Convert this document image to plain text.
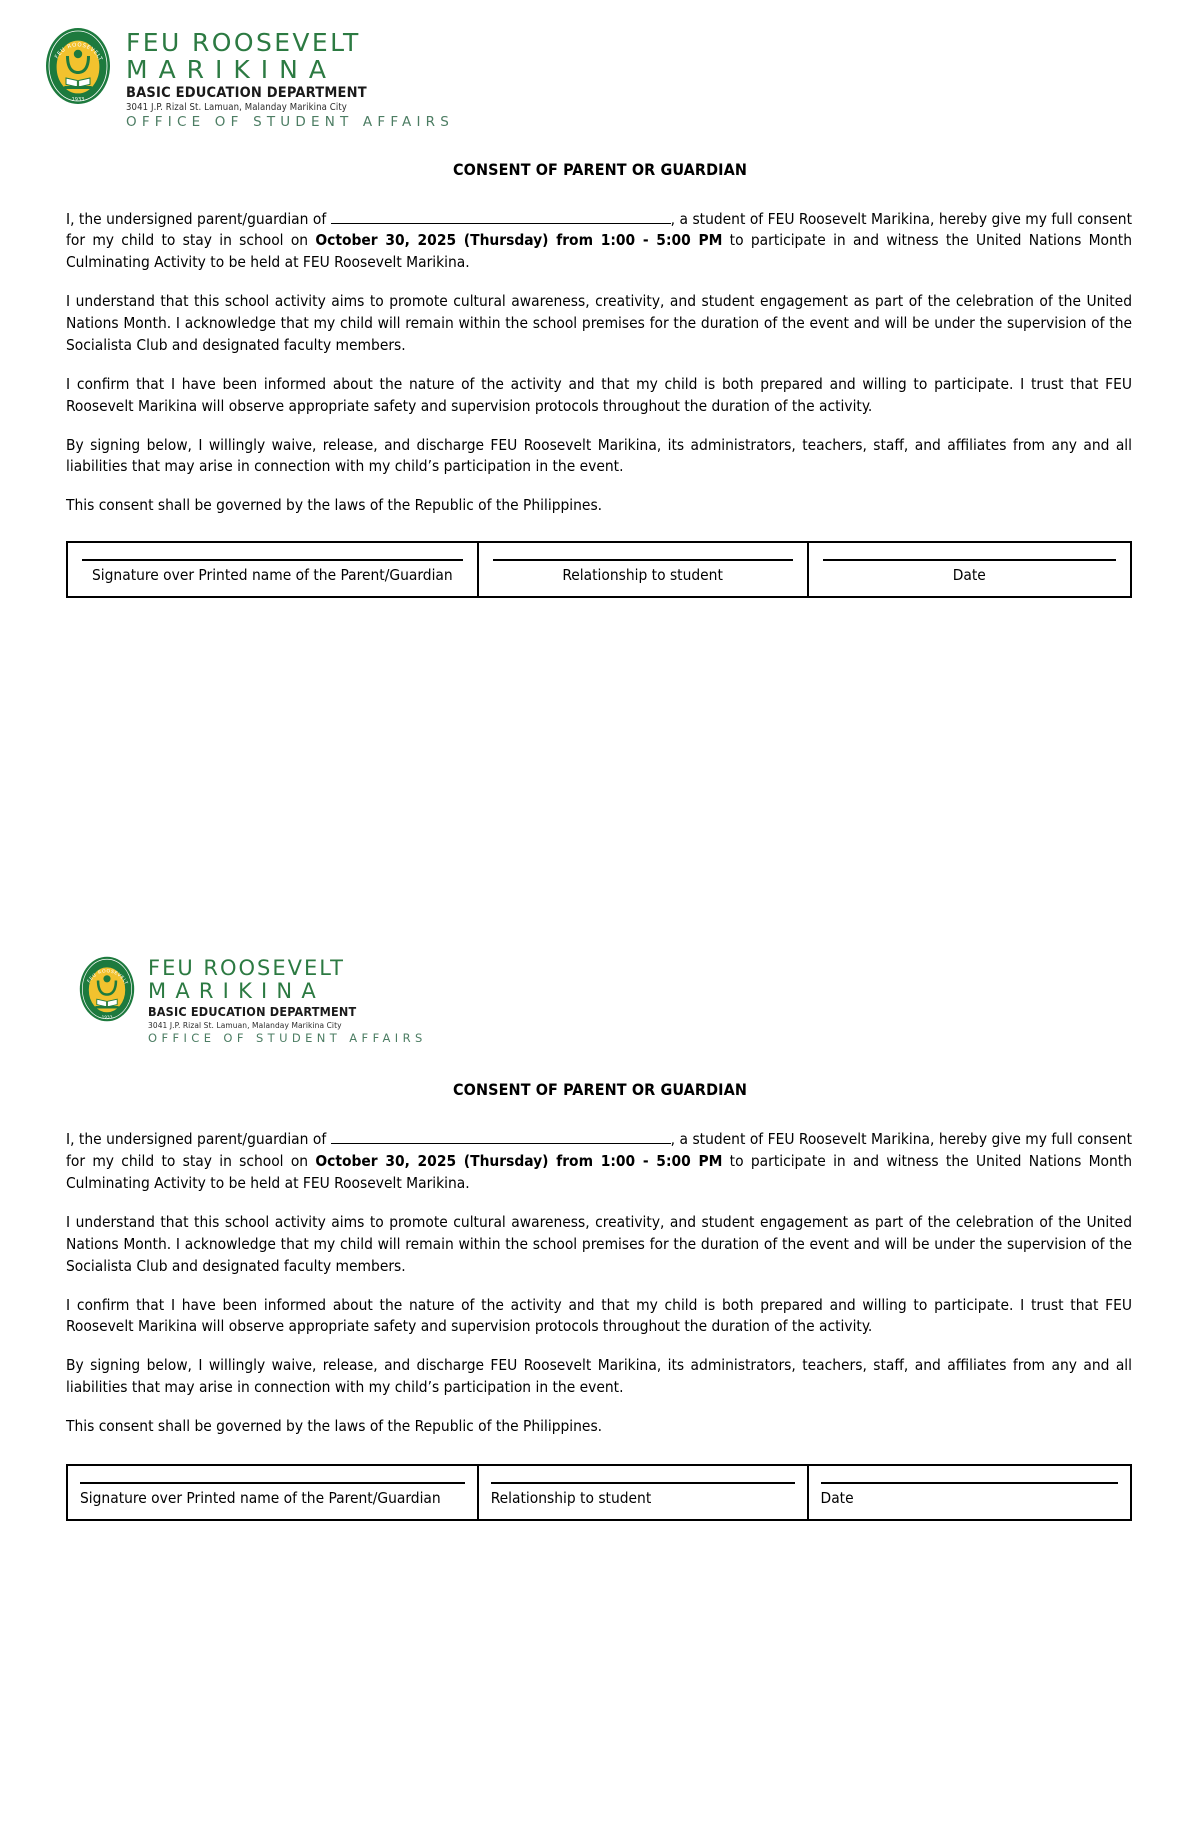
FEU ROOSEVELT
1933
FEU ROOSEVELT
MARIKINA
BASIC EDUCATION DEPARTMENT
3041 J.P. Rizal St. Lamuan, Malanday Marikina City
OFFICE OF STUDENT AFFAIRS
CONSENT OF PARENT OR GUARDIAN

I, the undersigned parent/guardian of	, a student of FEU Roosevelt Marikina, hereby give my full consent for my child to stay in school on October 30, 2025 (Thursday) from 1:00 - 5:00 PM to participate in and witness the United Nations Month Culminating Activity to be held at FEU Roosevelt Marikina.

I understand that this school activity aims to promote cultural awareness, creativity, and student engagement as part of the celebration of the United Nations Month. I acknowledge that my child will remain within the school premises for the duration of the event and will be under the supervision of the Socialista Club and designated faculty members.

I confirm that I have been informed about the nature of the activity and that my child is both prepared and willing to participate. I trust that FEU Roosevelt Marikina will observe appropriate safety and supervision protocols throughout the duration of the activity.

By signing below, I willingly waive, release, and discharge FEU Roosevelt Marikina, its administrators, teachers, staff, and affiliates from any and all liabilities that may arise in connection with my child’s participation in the event.

This consent shall be governed by the laws of the Republic of the Philippines.

Signature over Printed name of the Parent/Guardian	Relationship to student	Date
FEU ROOSEVELT
1933
FEU ROOSEVELT
MARIKINA
BASIC EDUCATION DEPARTMENT
3041 J.P. Rizal St. Lamuan, Malanday Marikina City
OFFICE OF STUDENT AFFAIRS
CONSENT OF PARENT OR GUARDIAN

I, the undersigned parent/guardian of	, a student of FEU Roosevelt Marikina, hereby give my full consent for my child to stay in school on October 30, 2025 (Thursday) from 1:00 - 5:00 PM to participate in and witness the United Nations Month Culminating Activity to be held at FEU Roosevelt Marikina.

I understand that this school activity aims to promote cultural awareness, creativity, and student engagement as part of the celebration of the United Nations Month. I acknowledge that my child will remain within the school premises for the duration of the event and will be under the supervision of the Socialista Club and designated faculty members.

I confirm that I have been informed about the nature of the activity and that my child is both prepared and willing to participate. I trust that FEU Roosevelt Marikina will observe appropriate safety and supervision protocols throughout the duration of the activity.

By signing below, I willingly waive, release, and discharge FEU Roosevelt Marikina, its administrators, teachers, staff, and affiliates from any and all liabilities that may arise in connection with my child’s participation in the event.

This consent shall be governed by the laws of the Republic of the Philippines.

Signature over Printed name of the Parent/Guardian	Relationship to student	Date
